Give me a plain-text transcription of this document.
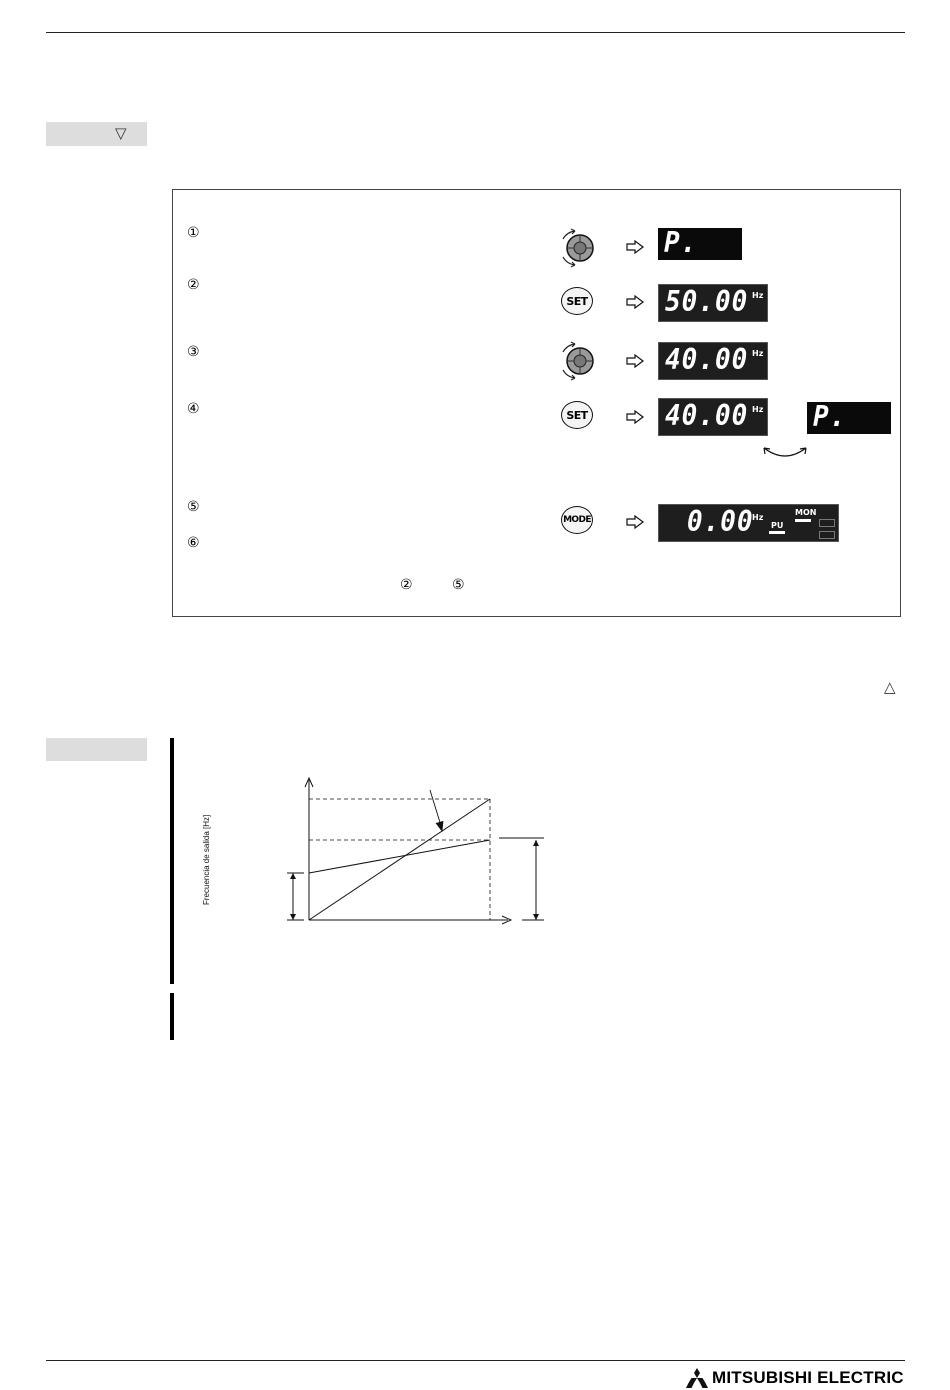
▽
①
②
③
④
⑤
⑥
②	⑤
P.
SET	50.00 Hz
40.00 Hz
SET	40.00 Hz P.
MODE	0.00
Hz
MON
PU
△
Frecuencia de salida [Hz]
MITSUBISHI ELECTRIC
